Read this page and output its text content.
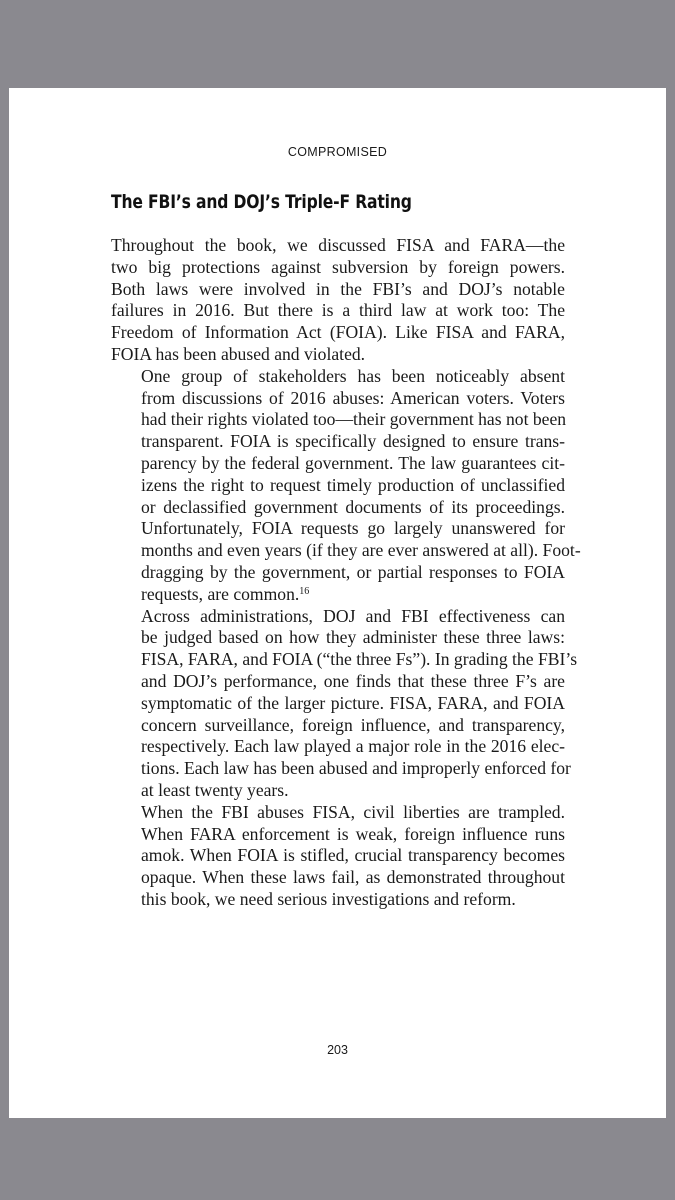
COMPROMISED
The FBI’s and DOJ’s Triple-F Rating

Throughout the book, we discussed FISA and FARA—the
two big protections against subversion by foreign powers.
Both laws were involved in the FBI’s and DOJ’s notable
failures in 2016. But there is a third law at work too: The
Freedom of Information Act (FOIA). Like FISA and FARA,
FOIA has been abused and violated.

One group of stakeholders has been noticeably absent
from discussions of 2016 abuses: American voters. Voters
had their rights violated too—their government has not been
transparent. FOIA is specifically designed to ensure trans-
parency by the federal government. The law guarantees cit-
izens the right to request timely production of unclassified
or declassified government documents of its proceedings.
Unfortunately, FOIA requests go largely unanswered for
months and even years (if they are ever answered at all). Foot-
dragging by the government, or partial responses to FOIA
requests, are common.$^{16}$

Across administrations, DOJ and FBI effectiveness can
be judged based on how they administer these three laws:
FISA, FARA, and FOIA (“the three Fs”). In grading the FBI’s
and DOJ’s performance, one finds that these three F’s are
symptomatic of the larger picture. FISA, FARA, and FOIA
concern surveillance, foreign influence, and transparency,
respectively. Each law played a major role in the 2016 elec-
tions. Each law has been abused and improperly enforced for
at least twenty years.

When the FBI abuses FISA, civil liberties are trampled.
When FARA enforcement is weak, foreign influence runs
amok. When FOIA is stifled, crucial transparency becomes
opaque. When these laws fail, as demonstrated throughout
this book, we need serious investigations and reform.

203
